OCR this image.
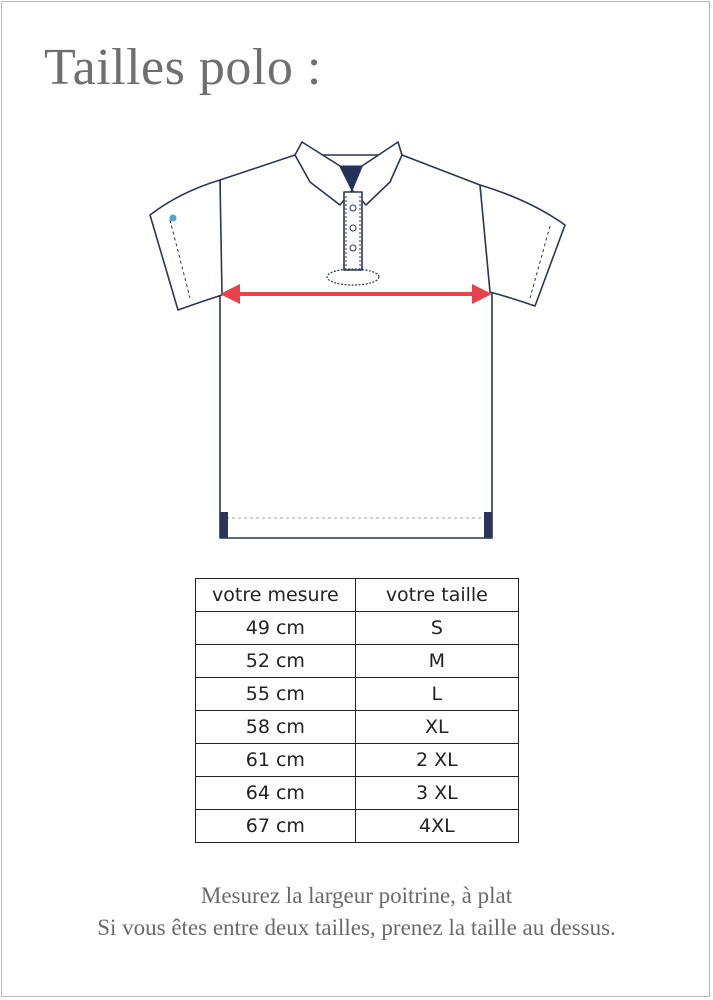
Tailles polo :
votre mesure	votre taille
49 cm	S
52 cm	M
55 cm	L
58 cm	XL
61 cm	2 XL
64 cm	3 XL
67 cm	4XL
Mesurez la largeur poitrine, à plat
Si vous êtes entre deux tailles, prenez la taille au dessus.
